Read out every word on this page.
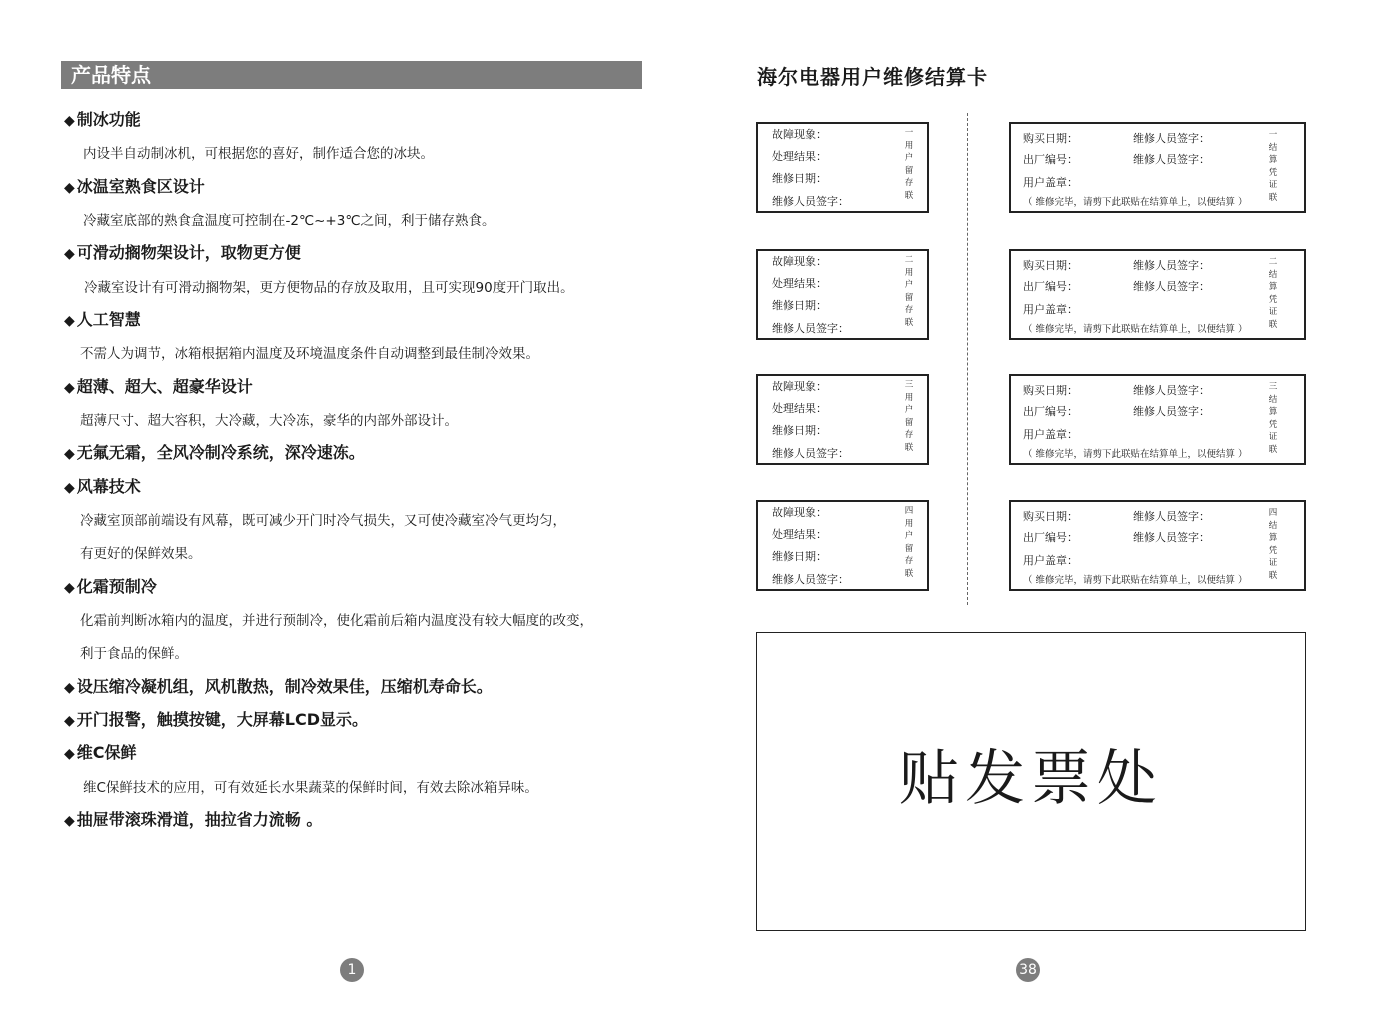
产品特点
◆ 制冰功能
内设半自动制冰机，可根据您的喜好，制作适合您的冰块。
◆ 冰温室熟食区设计
冷藏室底部的熟食盒温度可控制在-2℃~+3℃之间，利于储存熟食。
◆ 可滑动搁物架设计，取物更方便
冷藏室设计有可滑动搁物架，更方便物品的存放及取用，且可实现90度开门取出。
◆ 人工智慧
不需人为调节，冰箱根据箱内温度及环境温度条件自动调整到最佳制冷效果。
◆ 超薄、超大、超豪华设计
超薄尺寸、超大容积，大冷藏，大冷冻，豪华的内部外部设计。
◆ 无氟无霜，全风冷制冷系统，深冷速冻。
◆ 风幕技术
冷藏室顶部前端设有风幕，既可减少开门时冷气损失，又可使冷藏室冷气更均匀，
有更好的保鲜效果。
◆ 化霜预制冷
化霜前判断冰箱内的温度，并进行预制冷，使化霜前后箱内温度没有较大幅度的改变，
利于食品的保鲜。
◆ 设压缩冷凝机组，风机散热，制冷效果佳，压缩机寿命长。
◆ 开门报警，触摸按键，大屏幕LCD显示。
◆ 维C保鲜
维C保鲜技术的应用，可有效延长水果蔬菜的保鲜时间，有效去除冰箱异味。
◆ 抽屉带滚珠滑道，抽拉省力流畅 。
1
海尔电器用户维修结算卡
故障现象：
处理结果：
维修日期：
维修人员签字：
一用户留存联
故障现象：
处理结果：
维修日期：
维修人员签字：
二用户留存联
故障现象：
处理结果：
维修日期：
维修人员签字：
三用户留存联
故障现象：
处理结果：
维修日期：
维修人员签字：
四用户留存联
购买日期：	维修人员签字：
出厂编号：	维修人员签字：
用户盖章：
（ 维修完毕，请剪下此联贴在结算单上，以便结算 ）
一结算凭证联
购买日期：	维修人员签字：
出厂编号：	维修人员签字：
用户盖章：
（ 维修完毕，请剪下此联贴在结算单上，以便结算 ）
二结算凭证联
购买日期：	维修人员签字：
出厂编号：	维修人员签字：
用户盖章：
（ 维修完毕，请剪下此联贴在结算单上，以便结算 ）
三结算凭证联
购买日期：	维修人员签字：
出厂编号：	维修人员签字：
用户盖章：
（ 维修完毕，请剪下此联贴在结算单上，以便结算 ）
四结算凭证联
贴发票处
38
